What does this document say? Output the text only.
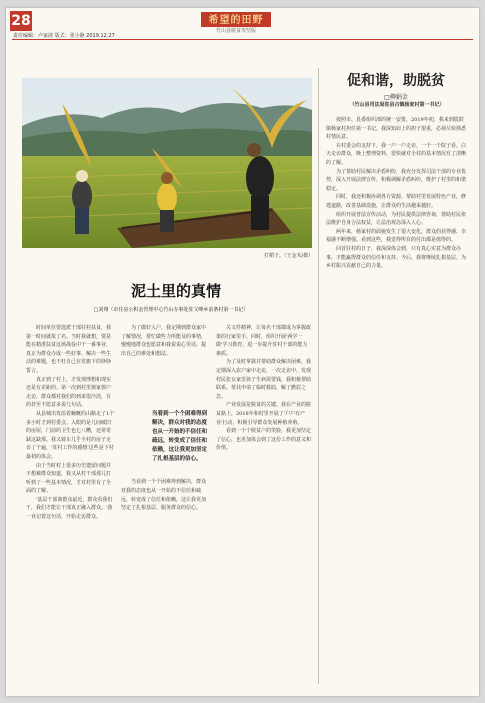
28	希望的田野
竹山县脱贫攻坚版
责任编辑：卢家波 版式：张小静 2019.12.27
打稻子。（王金禾/摄）
促和谐，助脱贫
□柳娟金
（竹山县司法局驻县古镇杨家村第一书记）

按照市、县委组织部的统一安排，2019年初，我来到擂鼓镇杨家村担任第一书记。我深知肩上的担子很重，必须尽快熟悉村情民意。

在村委会的支持下，我一户一户走访，一个一个院子看，白天走访群众，晚上整理资料，很快就对全村的基本情况有了清晰的了解。

为了帮助村民解决矛盾纠纷，我充分发挥司法干部的专业优势，深入开展法律宣传，积极调解矛盾纠纷，维护了村里的和谐稳定。

同时，我还积极协调各方资源，帮助村里发展特色产业，修建道路，改善基础设施，让群众的生活越来越好。

组织开展普法宣传活动，为村民提供法律咨询，帮助村民依法维护自身合法权益，让法治观念深入人心。

两年来，杨家村的面貌发生了很大变化，群众的获得感、幸福感不断增强。看到这些，我觉得所有的付出都是值得的。

回首驻村的日子，我深深体会到，只有真心实意为群众办事，才能赢得群众的信任和支持。今后，我将继续扎根基层，为乡村振兴贡献自己的力量。

泥土里的真情
□刘翔（市住房公积金管理中心竹山办事处驻文峰乡前条村第一书记）

时间单位要选派干部驻村扶贫，我第一时间就报了名。当时我就想，要是能在精准扶贫这场战役中干一番事业，真正为群众办成一些好事、解决一些生活的难题，也不枉自己在党旗下的铮铮誓言。

真正到了村上，才发现理想和现实还是有差距的。第一次到村里挨家挨户走访，群众都对我们的到来很冷淡，有的甚至不愿意多说几句话。

从县城出发沿着蜿蜒的山路走了1个多小时才到村委会。入眼的是几间破旧的房屋，门前的卫生也七八糟，还常常缺这缺那。我又骑车几乎全村的房子走访了个遍，'驻村工作的感想'这些是下村最初的体会。

由于当时村上很多历史遗留问题并不想被群众知道，我又从村干部那儿打听到了一些基本情况，才对村里有了全面的了解。

'基层干部离群众最近，群众看我们干，我们才能让干部真正融入群众。'我一直记着这句话，开始走访群众。

为了做好入户，我定期到群众家中了解情况，帮忙做些力所能及的事情，慢慢地群众也愿意和我说说心里话，提出自己的难处和想法。

当看到一个个困难得到解决，群众对我的态度也从一开始的不信任和疏远，转变成了信任和依赖，这让我更加坚定了扎根基层、服务群众的信心。

当看到一个个困难得到解决，群众对我的态度也从一开始的不信任和疏远，转变成了信任和依赖，这让我更加坚定了扎根基层的信心。

关文件精神，让每名干部都成为掌握政策的行家里手。同时，组织开展'两学一做'学习教育，进一步提升驻村干部的能力素质。

为了及时掌握并帮助群众解决困难，我定期深入农户家中走访，一次走访中，发现村民张女家里孩子生病需要钱，我积极帮助联系，帮其申请了临时救助，解了燃眉之急。

产业发展是脱贫的关键。我在产业的脱贫路上，2018年和村里开展了'户户有产业'行动，积极引导群众发展种植养殖。

看到一个个脱贫户的笑脸，我更加坚定了信心，也更加体会到了这份工作的意义和价值。
